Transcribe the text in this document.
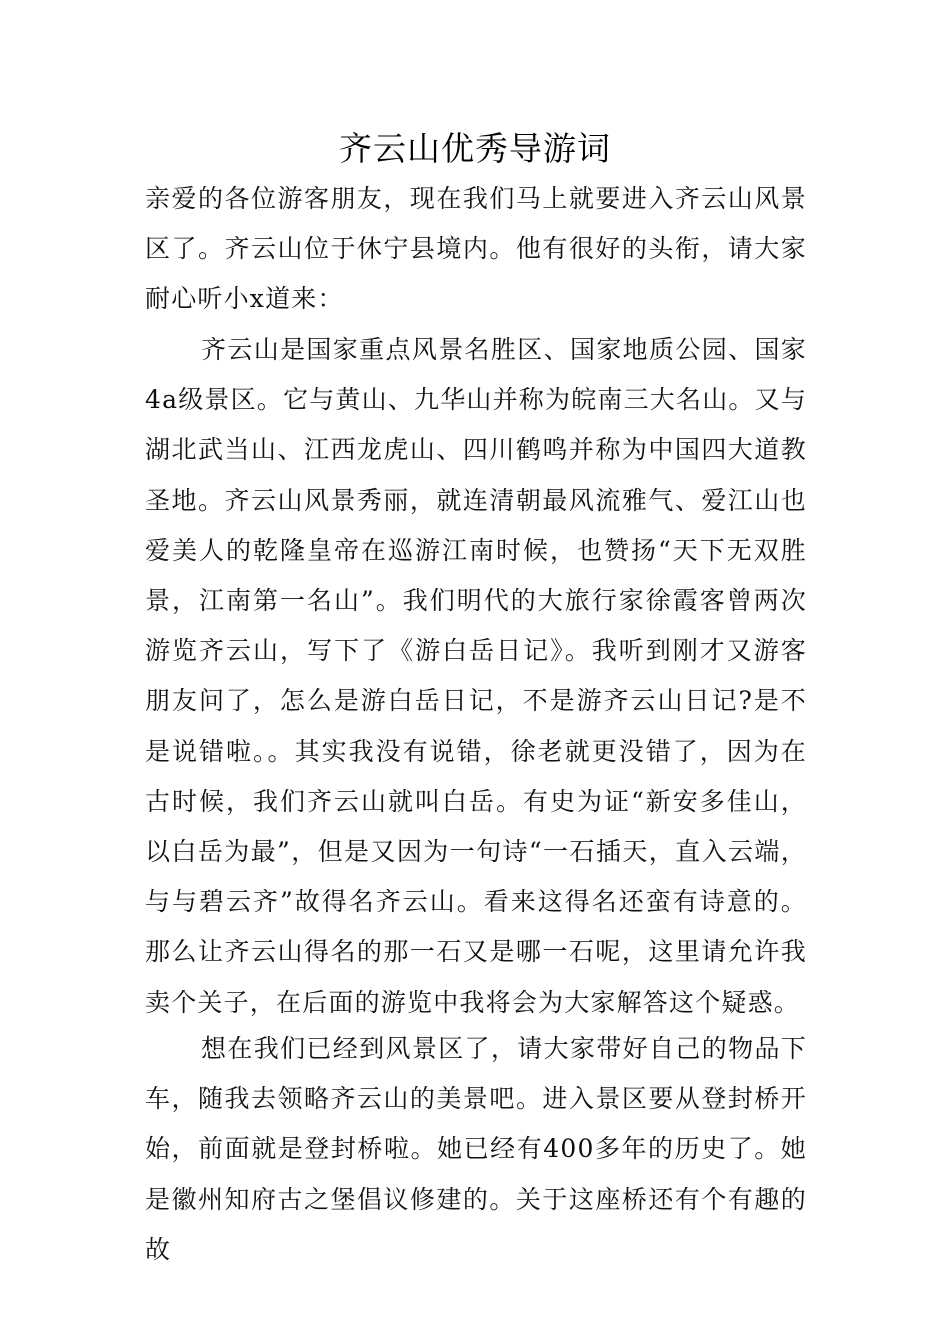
齐云山优秀导游词

亲爱的各位游客朋友，现在我们马上就要进入齐云山风景区了。齐云山位于休宁县境内。他有很好的头衔，请大家耐心听小x道来：

齐云山是国家重点风景名胜区、国家地质公园、国家4a级景区。它与黄山、九华山并称为皖南三大名山。又与湖北武当山、江西龙虎山、四川鹤鸣并称为中国四大道教圣地。齐云山风景秀丽，就连清朝最风流雅气、爱江山也爱美人的乾隆皇帝在巡游江南时候，也赞扬“天下无双胜景，江南第一名山”。我们明代的大旅行家徐霞客曾两次游览齐云山，写下了《游白岳日记》。我听到刚才又游客朋友问了，怎么是游白岳日记，不是游齐云山日记?是不是说错啦。。其实我没有说错，徐老就更没错了，因为在古时候，我们齐云山就叫白岳。有史为证“新安多佳山，以白岳为最”，但是又因为一句诗“一石插天，直入云端，与与碧云齐”故得名齐云山。看来这得名还蛮有诗意的。那么让齐云山得名的那一石又是哪一石呢，这里请允许我卖个关子，在后面的游览中我将会为大家解答这个疑惑。

想在我们已经到风景区了，请大家带好自己的物品下车，随我去领略齐云山的美景吧。进入景区要从登封桥开始，前面就是登封桥啦。她已经有400多年的历史了。她是徽州知府古之堡倡议修建的。关于这座桥还有个有趣的故
